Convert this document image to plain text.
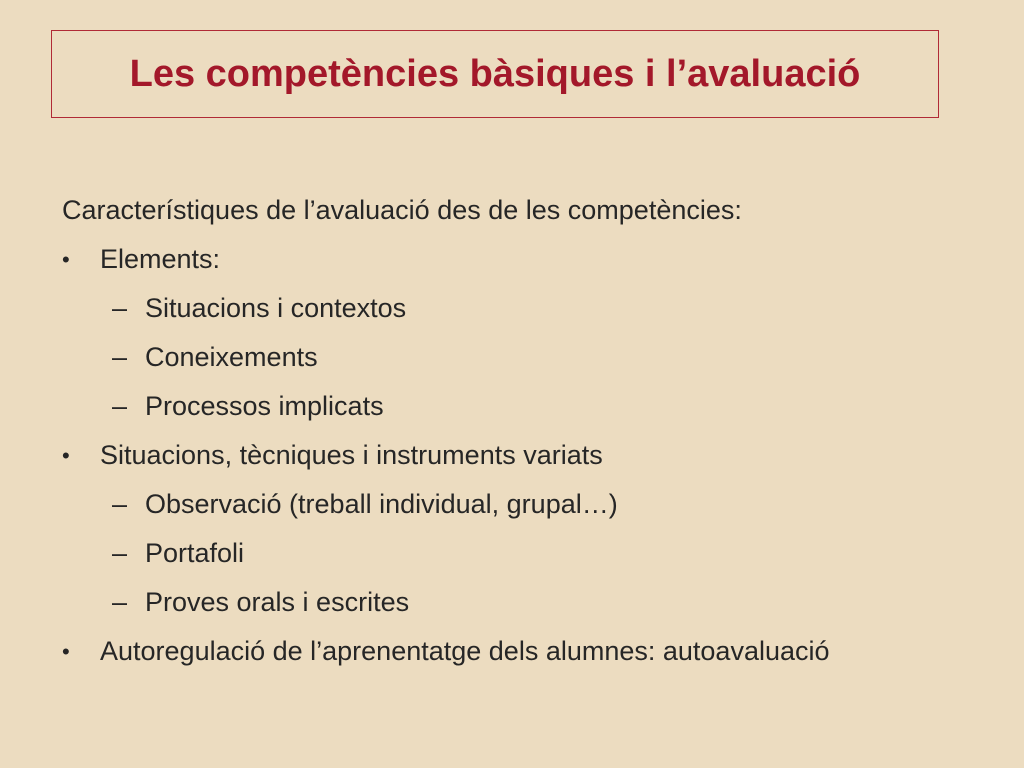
Les competències bàsiques i l’avaluació
Característiques de l’avaluació des de les competències:
• Elements:
– Situacions i contextos
– Coneixements
– Processos implicats
• Situacions, tècniques i instruments variats
– Observació (treball individual, grupal…)
– Portafoli
– Proves orals i escrites
• Autoregulació de l’aprenentatge dels alumnes: autoavaluació
